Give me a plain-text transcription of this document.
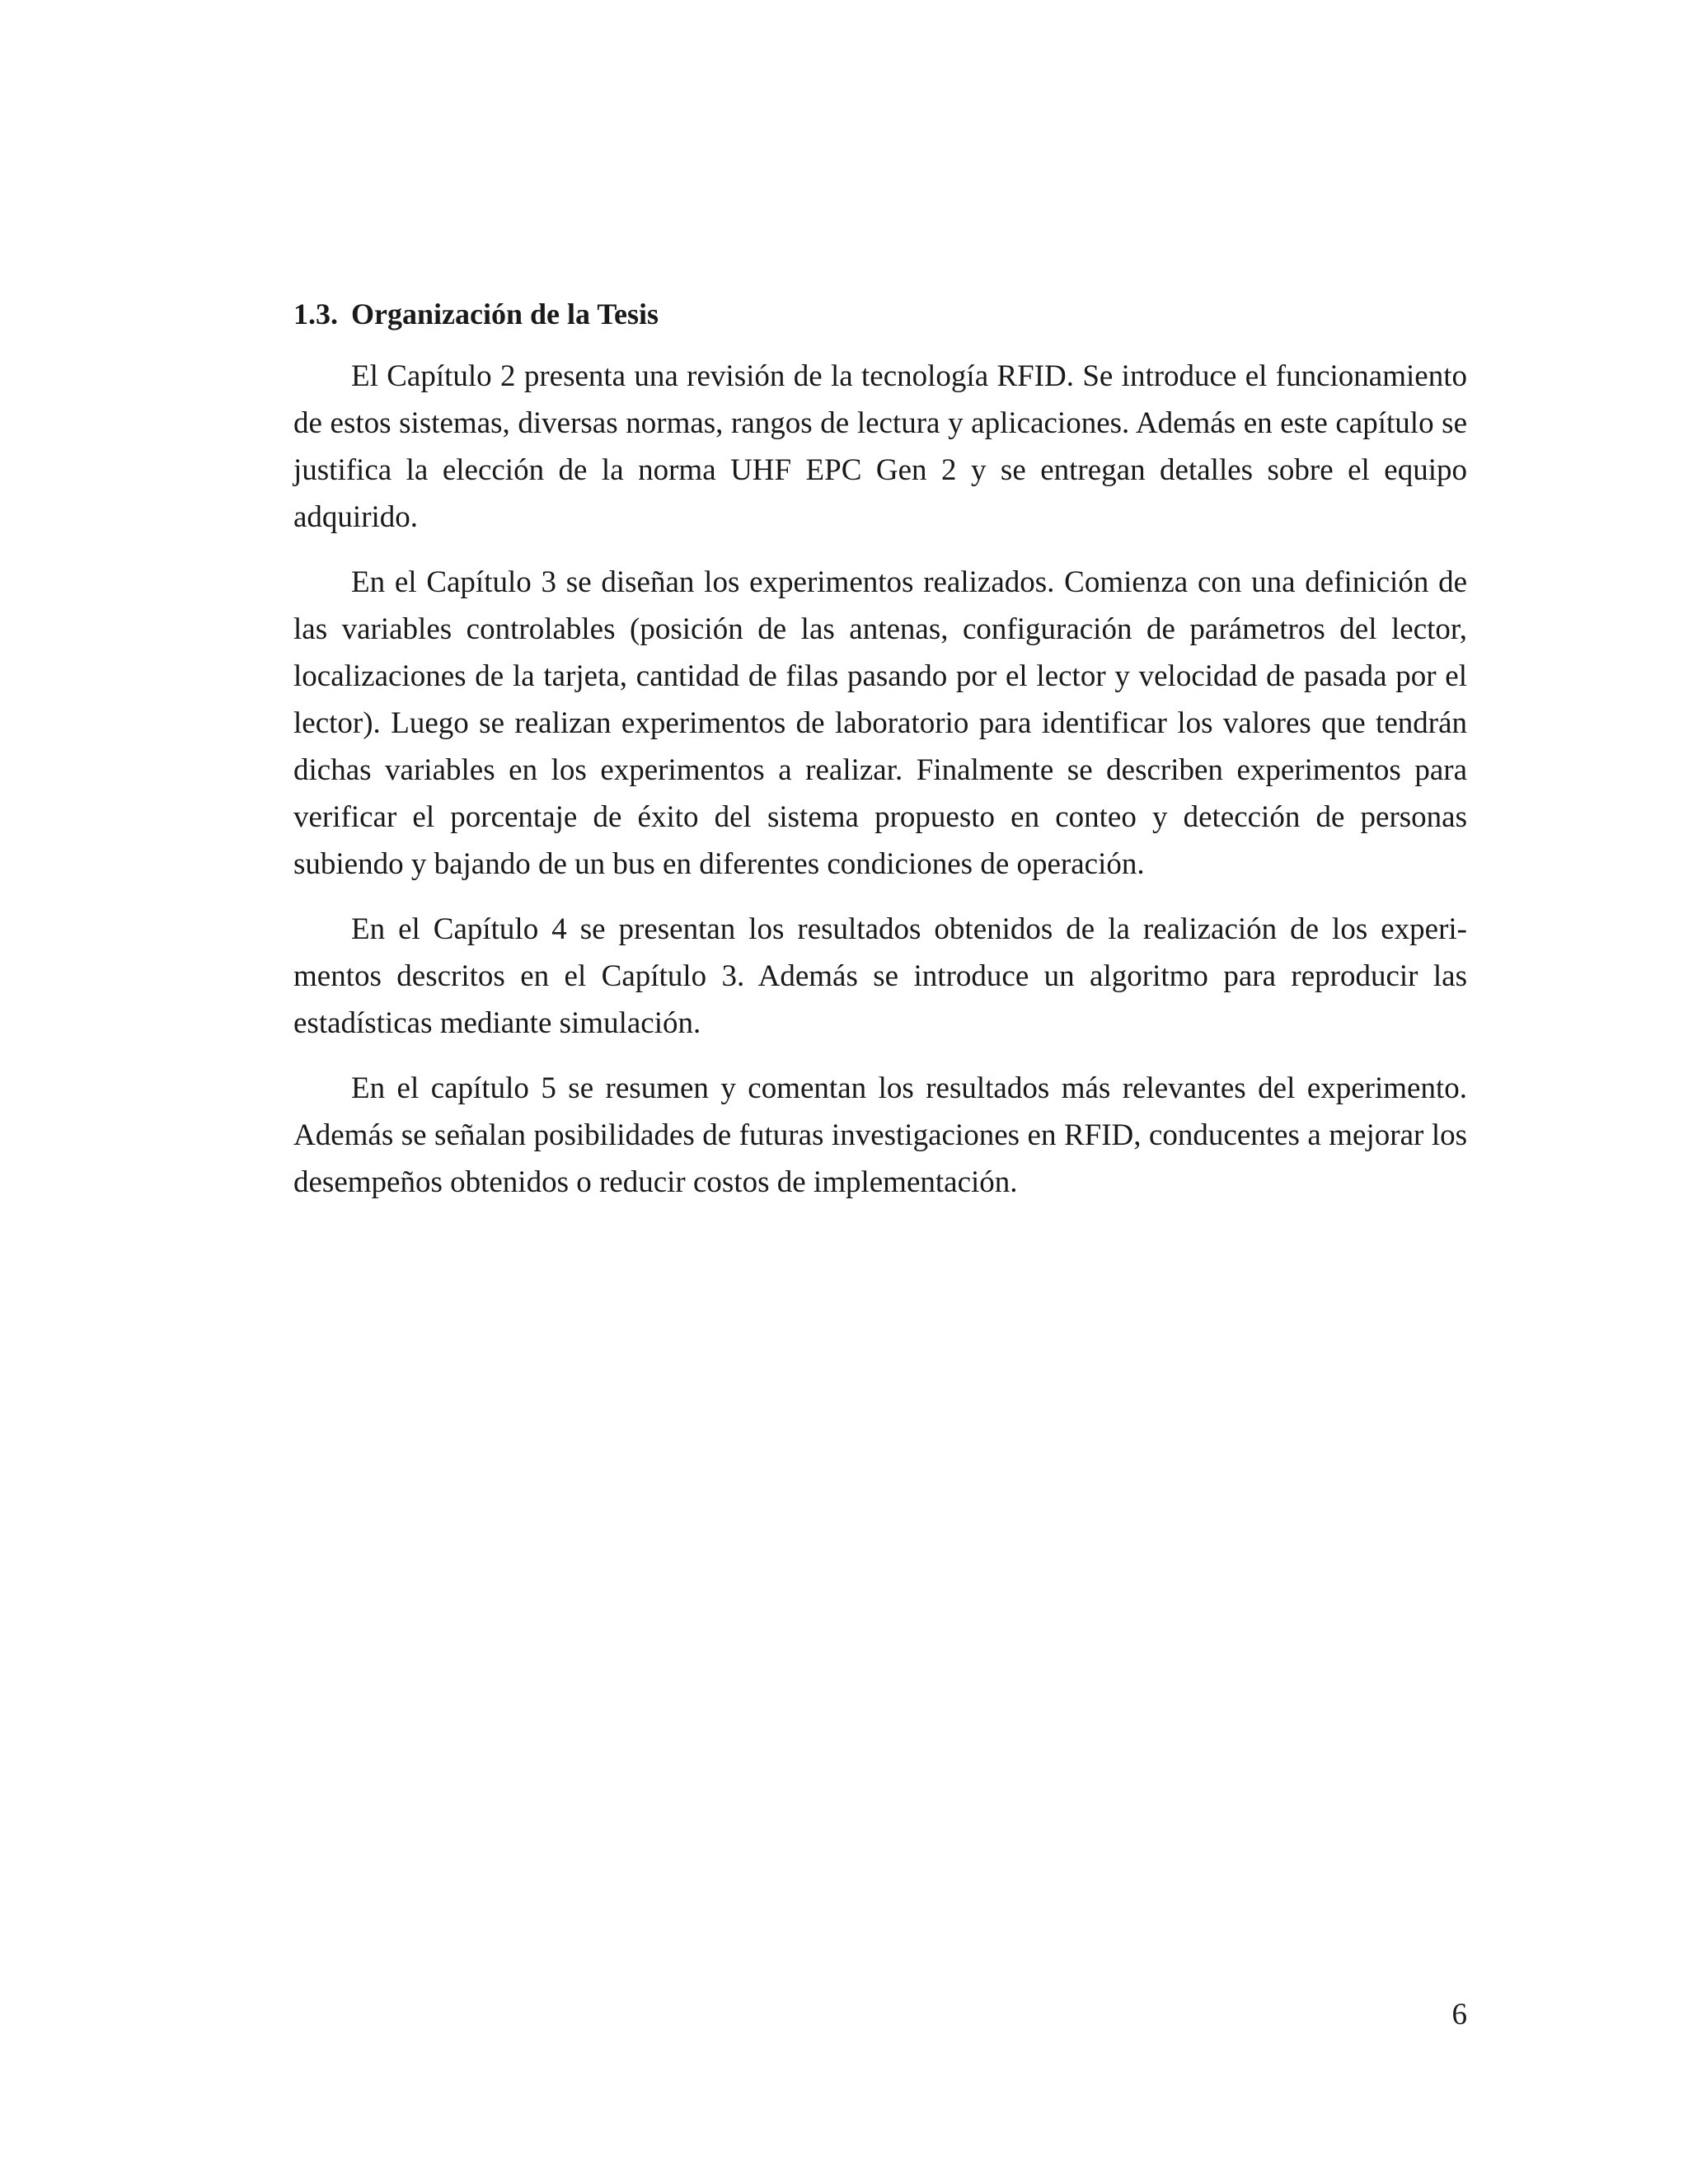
1.3. Organización de la Tesis

El Capítulo 2 presenta una revisión de la tecnología RFID. Se introduce el funcionamiento de estos sistemas, diversas normas, rangos de lectura y aplicaciones. Además en este capítulo se justifica la elección de la norma UHF EPC Gen 2 y se entregan detalles sobre el equipo adquirido.

En el Capítulo 3 se diseñan los experimentos realizados. Comienza con una definición de las variables controlables (posición de las antenas, configuración de parámetros del lector, localizaciones de la tarjeta, cantidad de filas pasando por el lector y velocidad de pasada por el lector). Luego se realizan experimentos de laboratorio para identificar los valores que tendrán dichas variables en los experimentos a realizar. Finalmente se describen experimentos para verificar el porcentaje de éxito del sistema propuesto en conteo y detección de personas subiendo y bajando de un bus en diferentes condiciones de operación.

En el Capítulo 4 se presentan los resultados obtenidos de la realización de los experimentos descritos en el Capítulo 3. Además se introduce un algoritmo para reproducir las estadísticas mediante simulación.

En el capítulo 5 se resumen y comentan los resultados más relevantes del experimento. Además se señalan posibilidades de futuras investigaciones en RFID, conducentes a mejorar los desempeños obtenidos o reducir costos de implementación.

6
